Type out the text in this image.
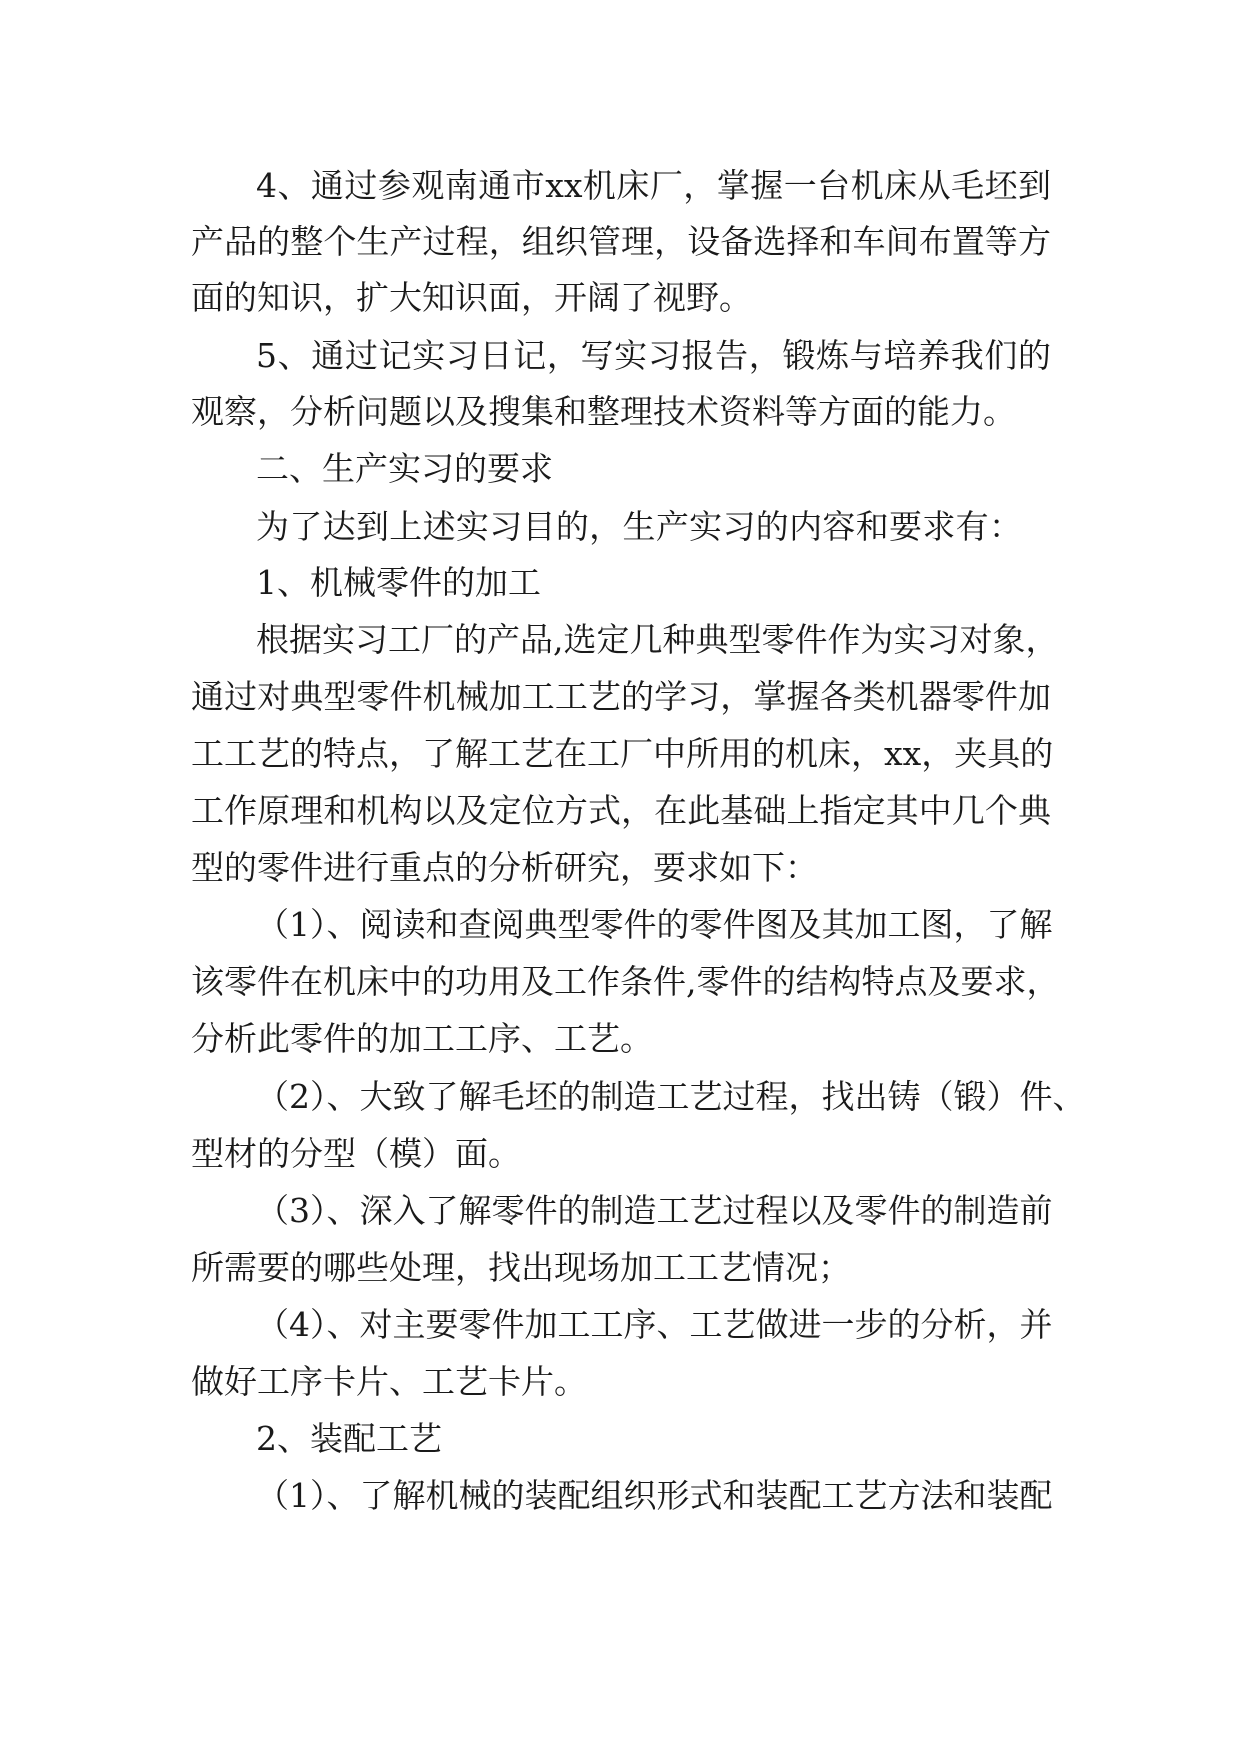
4、通过参观南通市xx机床厂，掌握一台机床从毛坯到
产品的整个生产过程，组织管理，设备选择和车间布置等方
面的知识，扩大知识面，开阔了视野。
5、通过记实习日记，写实习报告，锻炼与培养我们的
观察，分析问题以及搜集和整理技术资料等方面的能力。
二、生产实习的要求
为了达到上述实习目的，生产实习的内容和要求有：
1、机械零件的加工
根据实习工厂的产品,选定几种典型零件作为实习对象，
通过对典型零件机械加工工艺的学习，掌握各类机器零件加
工工艺的特点，了解工艺在工厂中所用的机床，xx，夹具的
工作原理和机构以及定位方式，在此基础上指定其中几个典
型的零件进行重点的分析研究，要求如下：
（1）、阅读和查阅典型零件的零件图及其加工图，了解
该零件在机床中的功用及工作条件,零件的结构特点及要求，
分析此零件的加工工序、工艺。
（2）、大致了解毛坯的制造工艺过程，找出铸（锻）件、
型材的分型（模）面。
（3）、深入了解零件的制造工艺过程以及零件的制造前
所需要的哪些处理，找出现场加工工艺情况；
（4）、对主要零件加工工序、工艺做进一步的分析，并
做好工序卡片、工艺卡片。
2、装配工艺
（1）、了解机械的装配组织形式和装配工艺方法和装配
